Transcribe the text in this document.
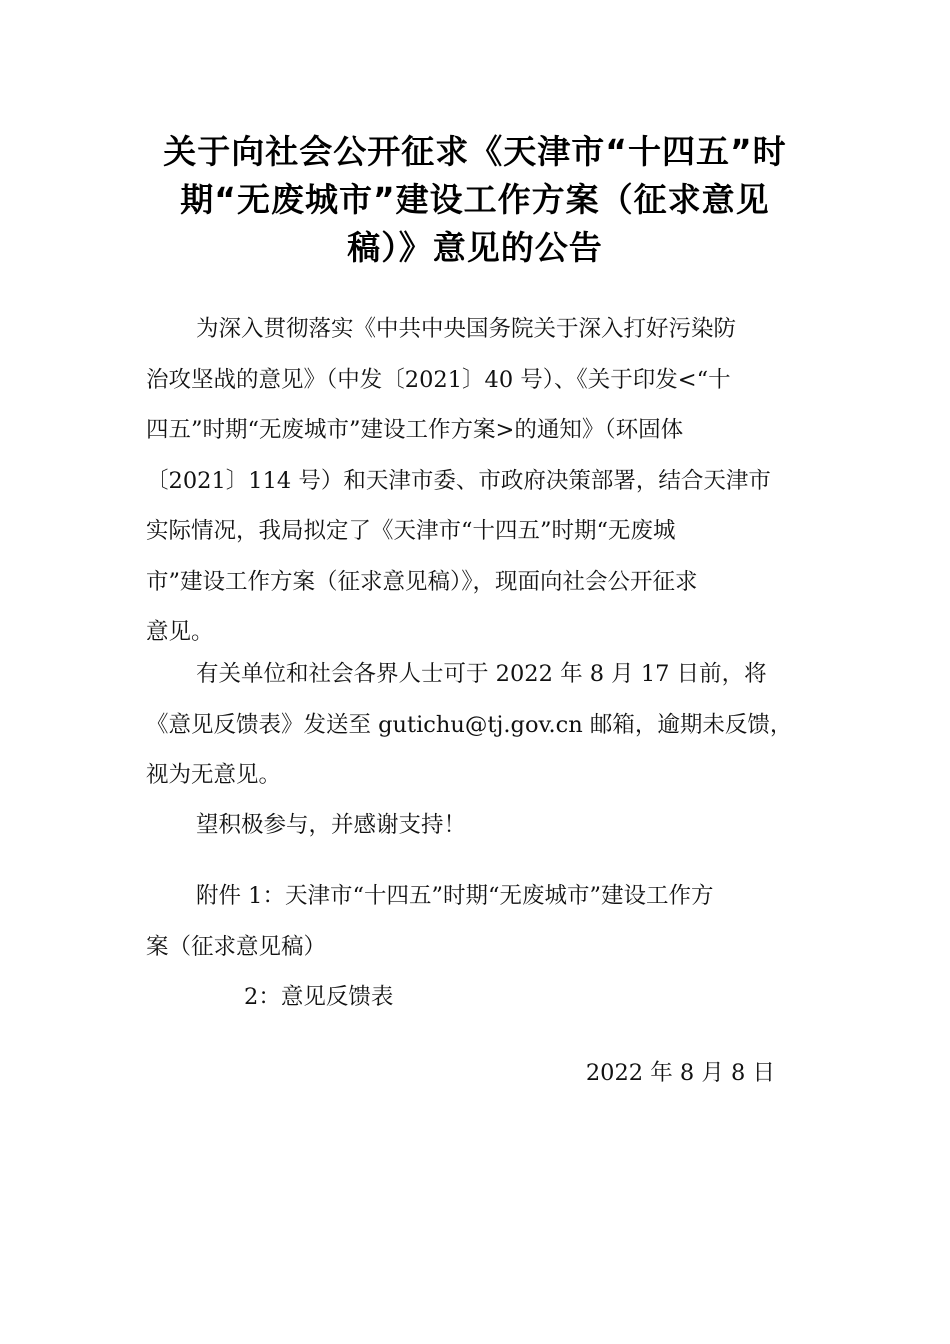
关于向社会公开征求《天津市“十四五”时
期“无废城市”建设工作方案（征求意见
稿）》意见的公告
为深入贯彻落实《中共中央国务院关于深入打好污染防
治攻坚战的意见》（中发〔2021〕40 号）、《关于印发<“十
四五”时期“无废城市”建设工作方案>的通知》（环固体
〔2021〕114 号）和天津市委、市政府决策部署，结合天津市
实际情况，我局拟定了《天津市“十四五”时期“无废城
市”建设工作方案（征求意见稿）》，现面向社会公开征求
意见。
有关单位和社会各界人士可于 2022 年 8 月 17 日前，将
《意见反馈表》发送至 gutichu@tj.gov.cn 邮箱，逾期未反馈，
视为无意见。
望积极参与，并感谢支持！
附件 1：天津市“十四五”时期“无废城市”建设工作方
案（征求意见稿）
2：意见反馈表
2022 年 8 月 8 日
